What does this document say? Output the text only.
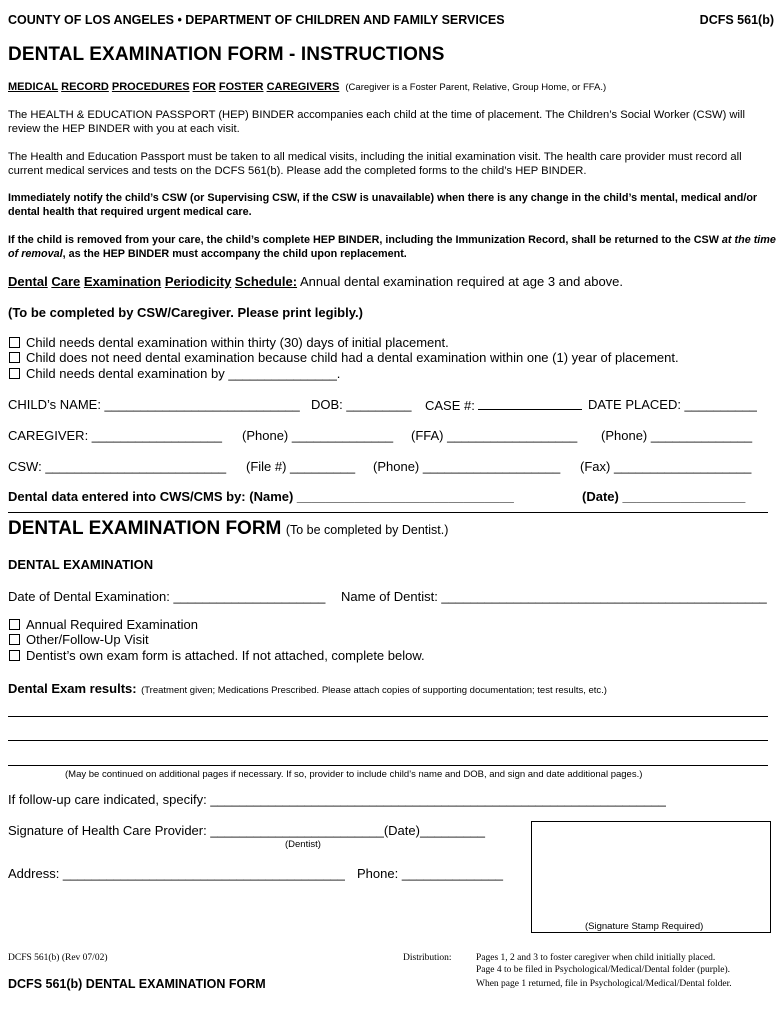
COUNTY OF LOS ANGELES • DEPARTMENT OF CHILDREN AND FAMILY SERVICES	DCFS 561(b)
DENTAL EXAMINATION FORM - INSTRUCTIONS
MEDICAL RECORD PROCEDURES FOR FOSTER CAREGIVERS (Caregiver is a Foster Parent, Relative, Group Home, or FFA.)
The HEALTH & EDUCATION PASSPORT (HEP) BINDER accompanies each child at the time of placement. The Children’s Social Worker (CSW) will review the HEP BINDER with you at each visit.
The Health and Education Passport must be taken to all medical visits, including the initial examination visit. The health care provider must record all current medical services and tests on the DCFS 561(b). Please add the completed forms to the child’s HEP BINDER.
Immediately notify the child’s CSW (or Supervising CSW, if the CSW is unavailable) when there is any change in the child’s mental, medical and/or dental health that required urgent medical care.
If the child is removed from your care, the child’s complete HEP BINDER, including the Immunization Record, shall be returned to the CSW at the time of removal, as the HEP BINDER must accompany the child upon replacement.
Dental Care Examination Periodicity Schedule: Annual dental examination required at age 3 and above.
(To be completed by CSW/Caregiver. Please print legibly.)
Child needs dental examination within thirty (30) days of initial placement.
Child does not need dental examination because child had a dental examination within one (1) year of placement.
Child needs dental examination by _______________.
CHILD’s NAME: ___________________________ DOB: _________ CASE #:	DATE PLACED: __________
CAREGIVER: __________________ (Phone) ______________ (FFA) __________________ (Phone) ______________
CSW: _________________________ (File #) _________ (Phone) ___________________ (Fax) ___________________
Dental data entered into CWS/CMS by: (Name) ______________________________	(Date) _________________
DENTAL EXAMINATION FORM (To be completed by Dentist.)
DENTAL EXAMINATION
Date of Dental Examination: _____________________ Name of Dentist: _____________________________________________
Annual Required Examination
Other/Follow-Up Visit
Dentist’s own exam form is attached. If not attached, complete below.
Dental Exam results: (Treatment given; Medications Prescribed. Please attach copies of supporting documentation; test results, etc.)
(May be continued on additional pages if necessary. If so, provider to include child’s name and DOB, and sign and date additional pages.)
If follow-up care indicated, specify: _______________________________________________________________
Signature of Health Care Provider: ________________________(Date)_________
(Dentist)
Address: _______________________________________ Phone: ______________
(Signature Stamp Required)
DCFS 561(b) (Rev 07/02)
DCFS 561(b) DENTAL EXAMINATION FORM
Distribution:	Pages 1, 2 and 3 to foster caregiver when child initially placed.
Page 4 to be filed in Psychological/Medical/Dental folder (purple).
When page 1 returned, file in Psychological/Medical/Dental folder.
